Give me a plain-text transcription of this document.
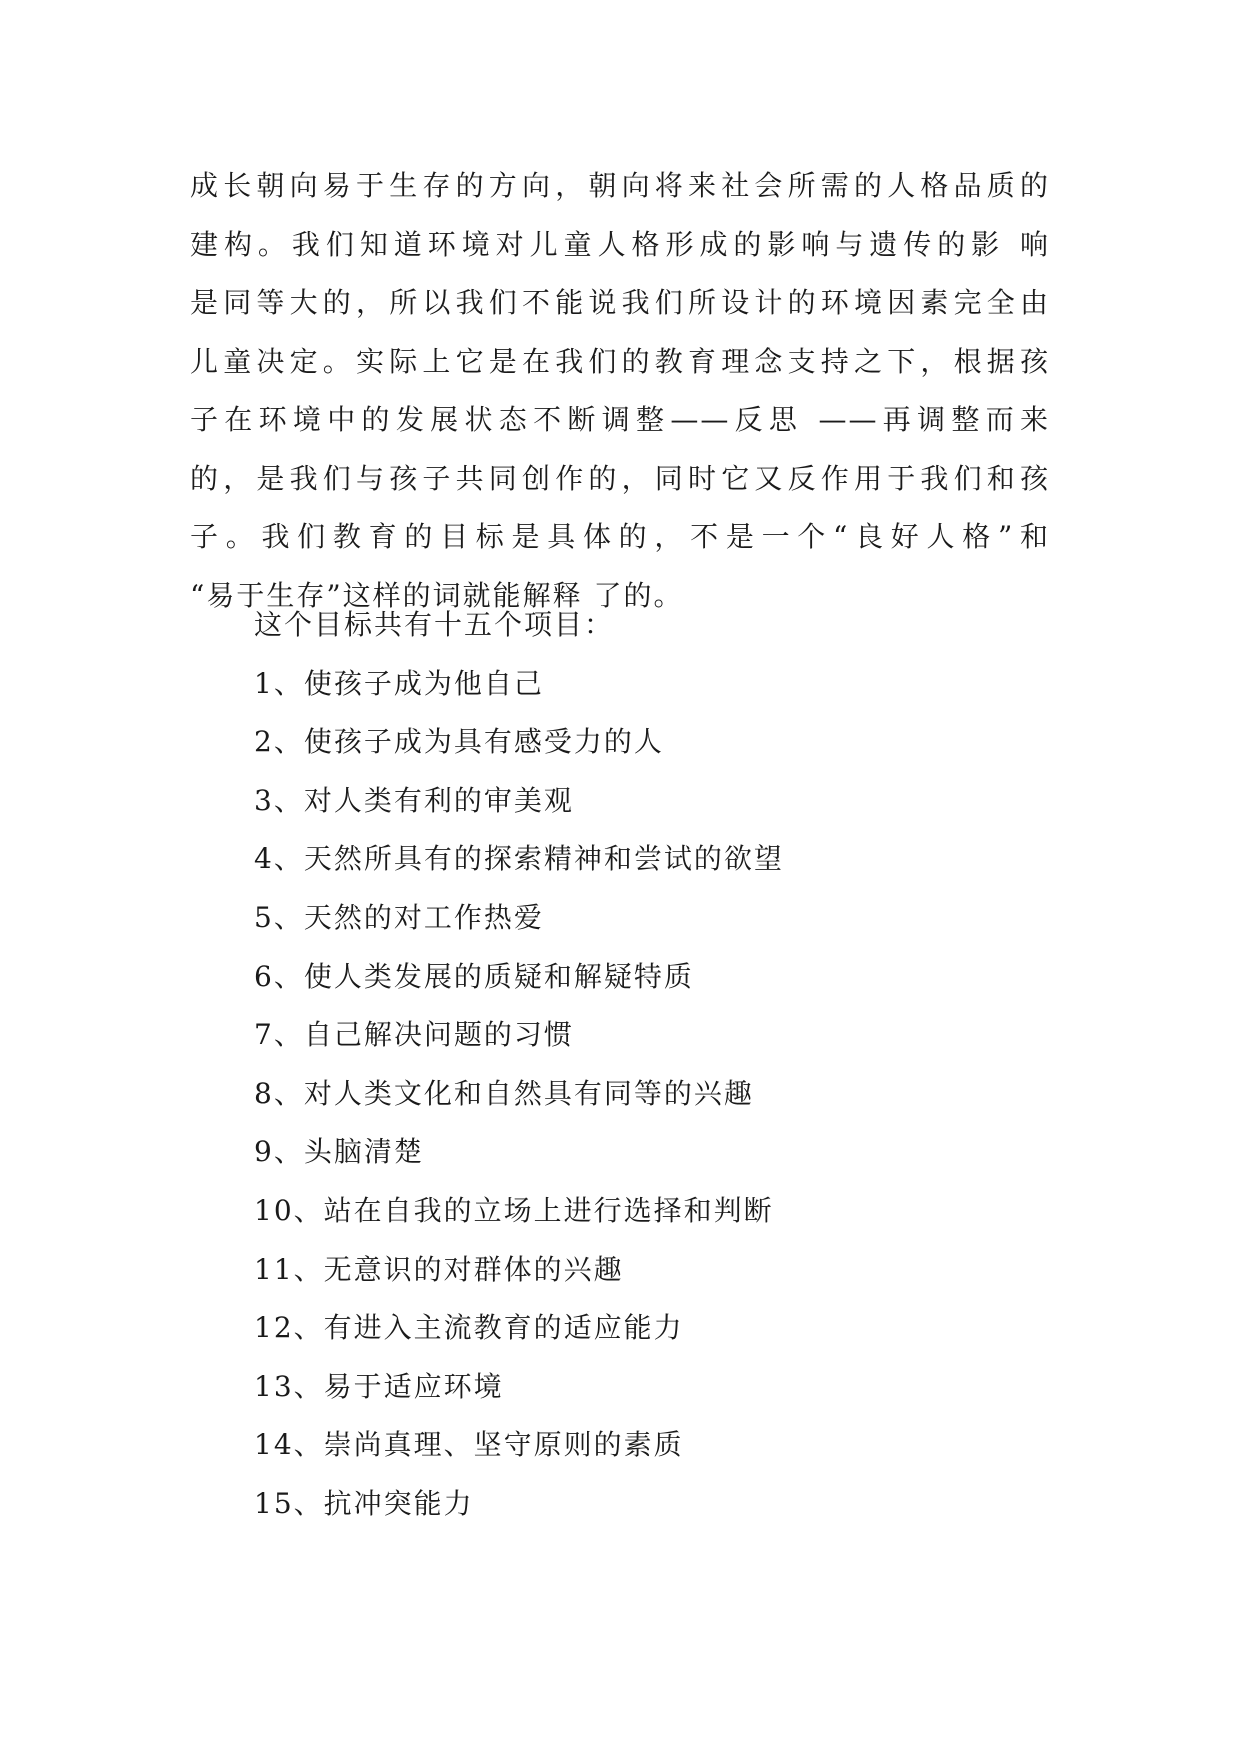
成长朝向易于生存的方向，朝向将来社会所需的人格品质的
建构。我们知道环境对儿童人格形成的影响与遗传的影 响
是同等大的，所以我们不能说我们所设计的环境因素完全由
儿童决定。实际上它是在我们的教育理念支持之下，根据孩
子在环境中的发展状态不断调整——反思 ——再调整而来
的，是我们与孩子共同创作的，同时它又反作用于我们和孩
子。我们教育的目标是具体的，不是一个“良好人格”和
“易于生存”这样的词就能解释 了的。

这个目标共有十五个项目：
1、使孩子成为他自己
2、使孩子成为具有感受力的人
3、对人类有利的审美观
4、天然所具有的探索精神和尝试的欲望
5、天然的对工作热爱
6、使人类发展的质疑和解疑特质
7、自己解决问题的习惯
8、对人类文化和自然具有同等的兴趣
9、头脑清楚
10、站在自我的立场上进行选择和判断
11、无意识的对群体的兴趣
12、有进入主流教育的适应能力
13、易于适应环境
14、崇尚真理、坚守原则的素质
15、抗冲突能力
